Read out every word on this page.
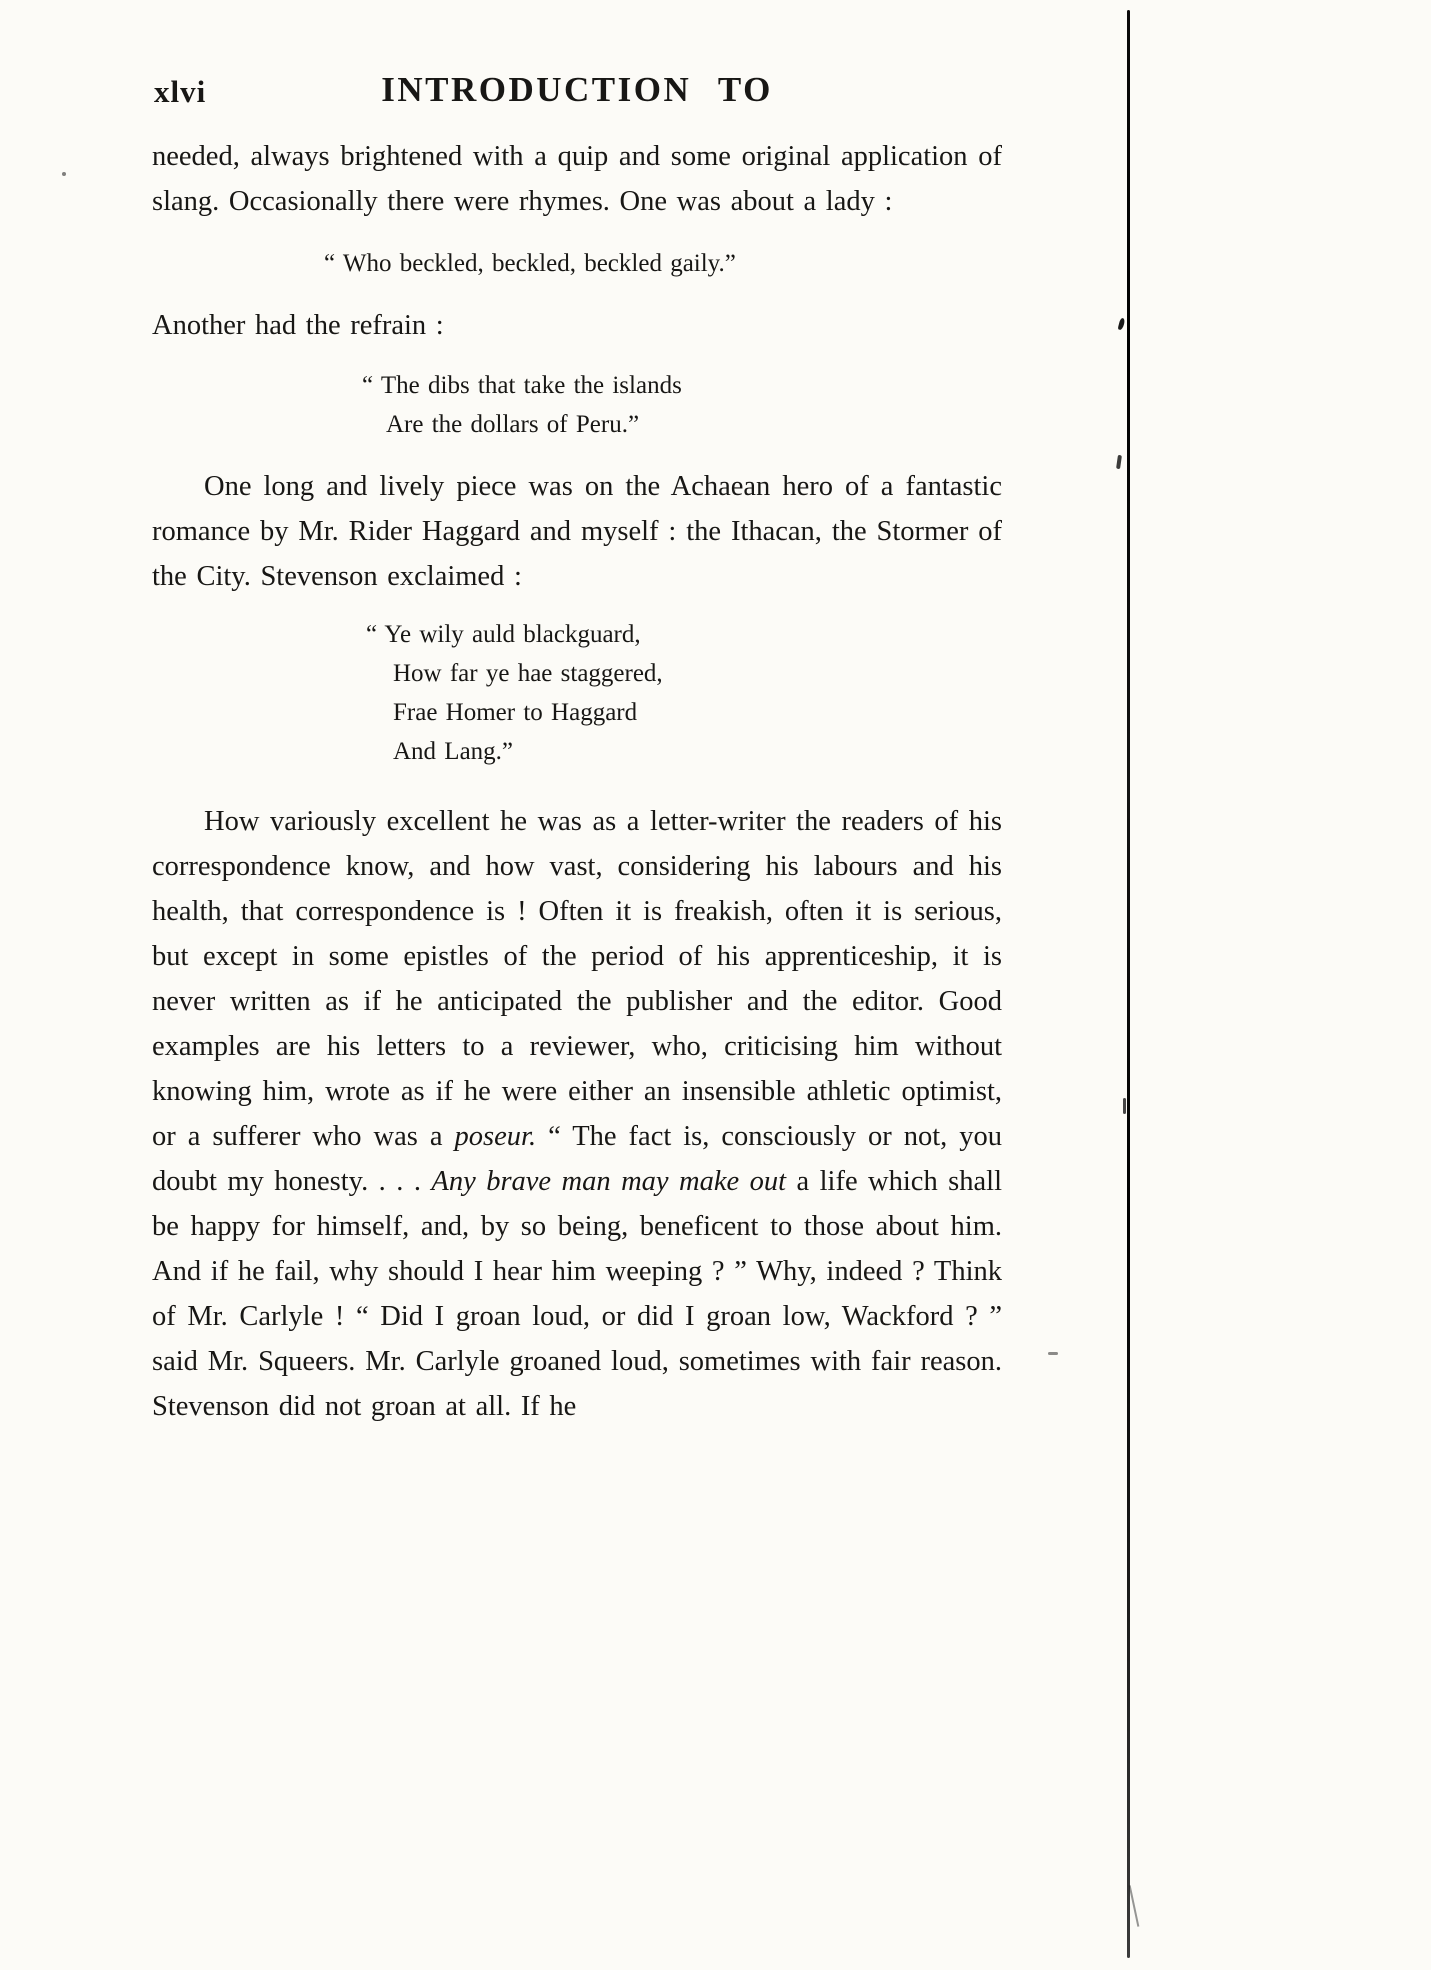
xlvi	INTRODUCTION TO

needed, always brightened with a quip and some original application of slang. Occasionally there were rhymes. One was about a lady :

“ Who beckled, beckled, beckled gaily.”

Another had the refrain :

“ The dibs that take the islands
Are the dollars of Peru.”

One long and lively piece was on the Achaean hero of a fantastic romance by Mr. Rider Haggard and myself : the Ithacan, the Stormer of the City. Stevenson exclaimed :

“ Ye wily auld blackguard,
How far ye hae staggered,
Frae Homer to Haggard
And Lang.”

How variously excellent he was as a letter-writer the readers of his correspondence know, and how vast, considering his labours and his health, that correspondence is ! Often it is freakish, often it is serious, but except in some epistles of the period of his apprenticeship, it is never written as if he anticipated the publisher and the editor. Good examples are his letters to a reviewer, who, criticising him without knowing him, wrote as if he were either an insensible athletic optimist, or a sufferer who was a poseur. “ The fact is, consciously or not, you doubt my honesty. . . . Any brave man may make out a life which shall be happy for himself, and, by so being, beneficent to those about him. And if he fail, why should I hear him weeping ? ” Why, indeed ? Think of Mr. Carlyle ! “ Did I groan loud, or did I groan low, Wackford ? ” said Mr. Squeers. Mr. Carlyle groaned loud, sometimes with fair reason. Stevenson did not groan at all. If he
